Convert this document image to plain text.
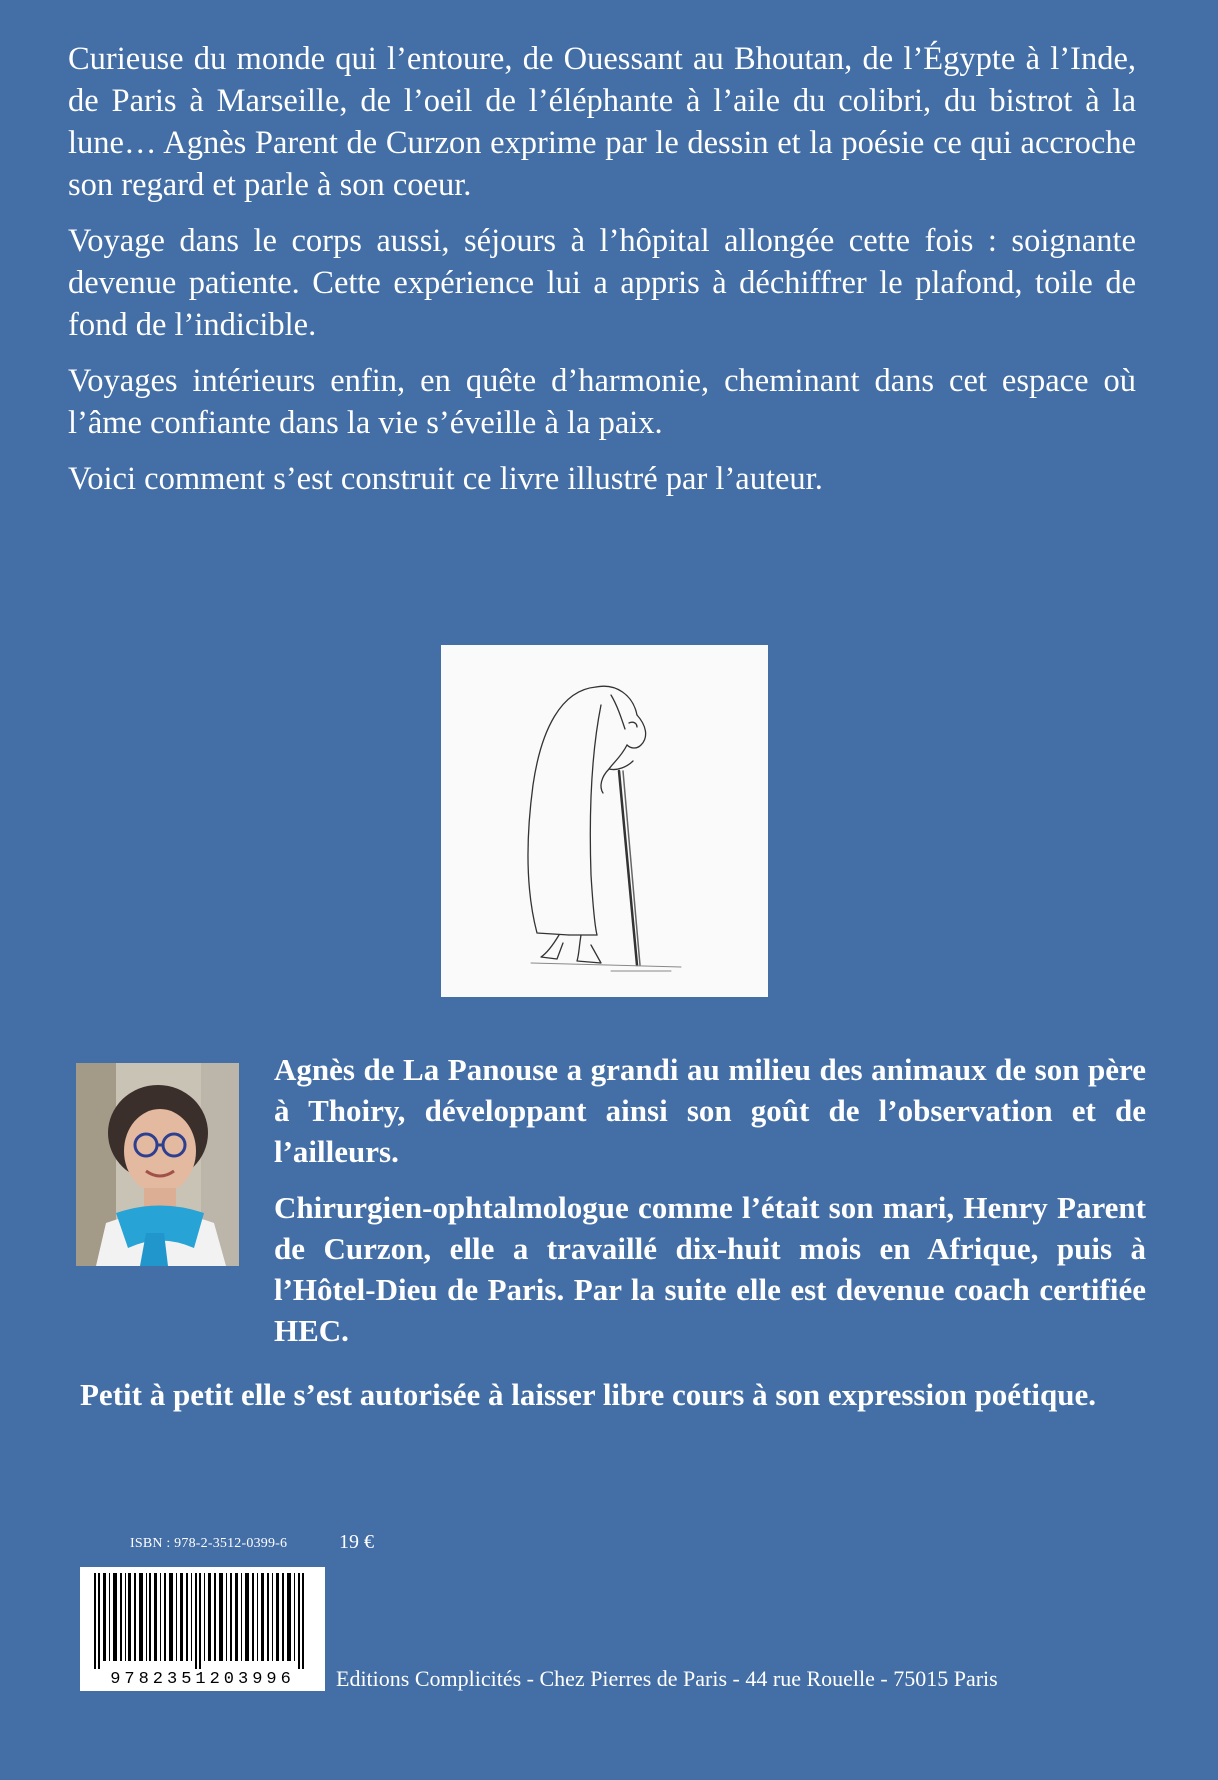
Curieuse du monde qui l’entoure, de Ouessant au Bhoutan, de l’Égypte à l’Inde, de Paris à Marseille, de l’oeil de l’éléphante à l’aile du colibri, du bistrot à la lune… Agnès Parent de Curzon exprime par le dessin et la poésie ce qui accroche son regard et parle à son coeur.

Voyage dans le corps aussi, séjours à l’hôpital allongée cette fois : soignante devenue patiente. Cette expérience lui a appris à déchiffrer le plafond, toile de fond de l’indicible.

Voyages intérieurs enfin, en quête d’harmonie, cheminant dans cet espace où l’âme confiante dans la vie s’éveille à la paix.

Voici comment s’est construit ce livre illustré par l’auteur.

Agnès de La Panouse a grandi au milieu des animaux de son père à Thoiry, développant ainsi son goût de l’observation et de l’ailleurs.

Chirurgien-ophtalmologue comme l’était son mari, Henry Parent de Curzon, elle a travaillé dix-huit mois en Afrique, puis à l’Hôtel-Dieu de Paris. Par la suite elle est devenue coach certifiée HEC.

Petit à petit elle s’est autorisée à laisser libre cours à son expression poétique.

ISBN : 978-2-3512-0399-6	19 €
9782351203996	Editions Complicités - Chez Pierres de Paris - 44 rue Rouelle - 75015 Paris
